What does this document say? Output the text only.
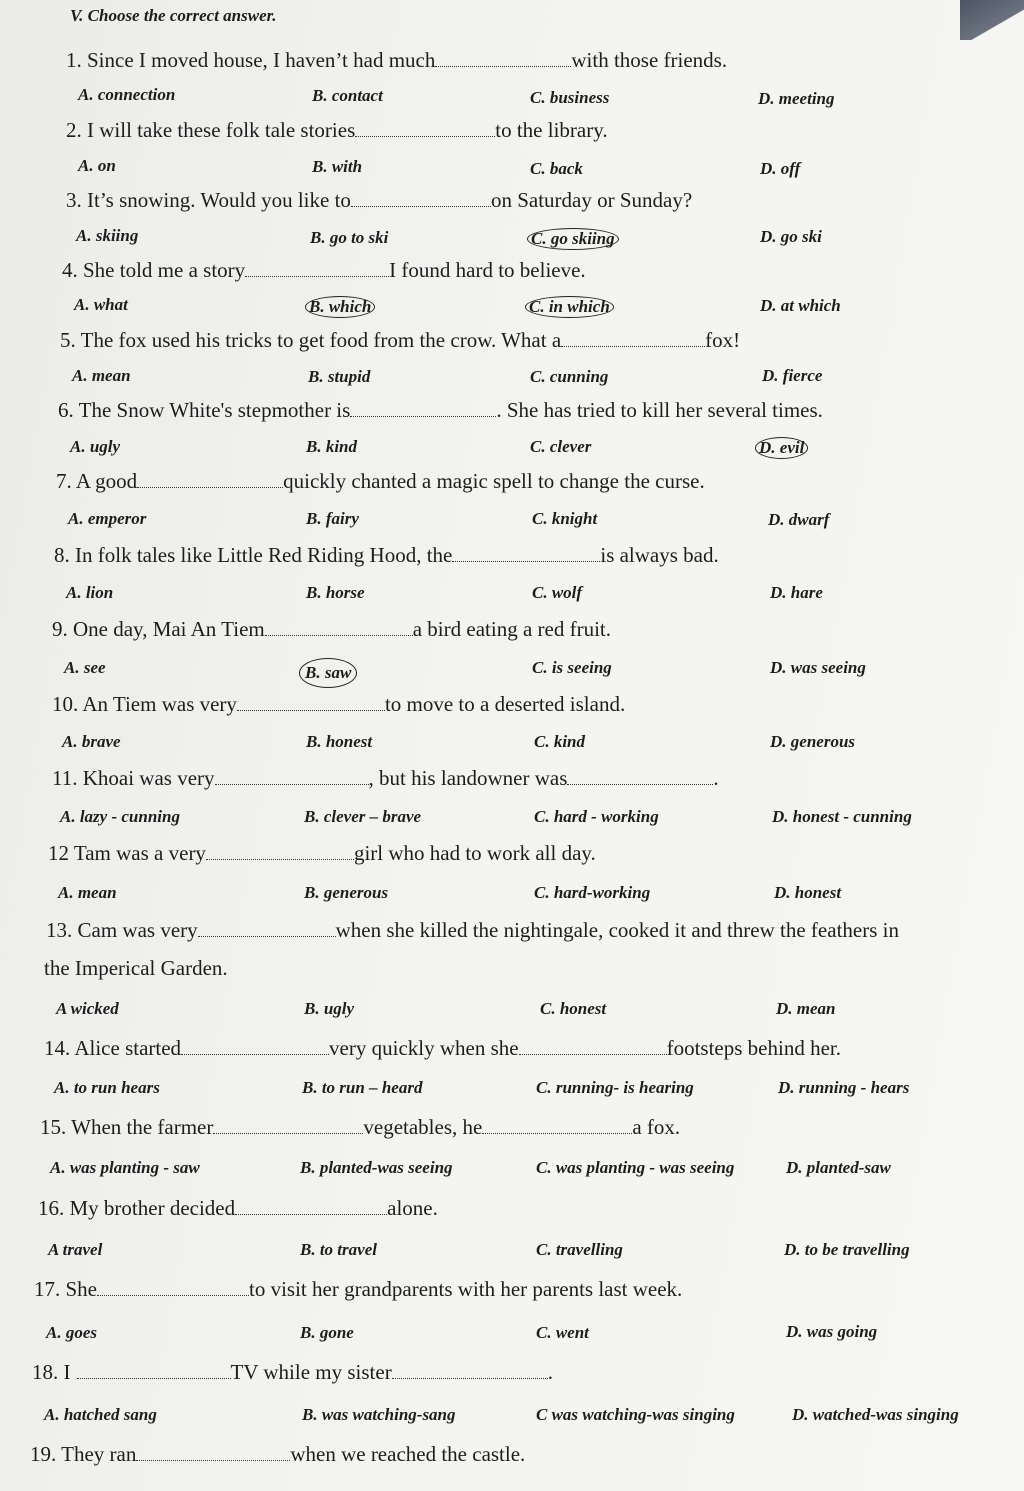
V. Choose the correct answer.
1. Since I moved house, I haven’t had much	with those friends.
A. connection	B. contact	C. business	D. meeting
2. I will take these folk tale stories	to the library.
A. on	B. with	C. back	D. off
3. It’s snowing. Would you like to	on Saturday or Sunday?
A. skiing	B. go to ski	C. go skiing	D. go ski
4. She told me a story	I found hard to believe.
A. what	B. which	C. in which	D. at which
5. The fox used his tricks to get food from the crow. What a	fox!
A. mean	B. stupid	C. cunning	D. fierce
6. The Snow White's stepmother is	. She has tried to kill her several times.
A. ugly	B. kind	C. clever	D. evil
7. A good	quickly chanted a magic spell to change the curse.
A. emperor	B. fairy	C. knight	D. dwarf
8. In folk tales like Little Red Riding Hood, the	is always bad.
A. lion	B. horse	C. wolf	D. hare
9. One day, Mai An Tiem	a bird eating a red fruit.
A. see	B. saw	C. is seeing	D. was seeing
10. An Tiem was very	to move to a deserted island.
A. brave	B. honest	C. kind	D. generous
11. Khoai was very	, but his landowner was	.
A. lazy - cunning	B. clever – brave	C. hard - working	D. honest - cunning
12 Tam was a very	girl who had to work all day.
A. mean	B. generous	C. hard-working	D. honest
13. Cam was very	when she killed the nightingale, cooked it and threw the feathers in
the Imperical Garden.
A wicked	B. ugly	C. honest	D. mean
14. Alice started	very quickly when she	footsteps behind her.
A. to run hears	B. to run – heard	C. running- is hearing	D. running - hears
15. When the farmer	vegetables, he	a fox.
A. was planting - saw	B. planted-was seeing	C. was planting - was seeing	D. planted-saw
16. My brother decided	alone.
A travel	B. to travel	C. travelling	D. to be travelling
17. She	to visit her grandparents with her parents last week.
A. goes	B. gone	C. went	D. was going
18. I	TV while my sister	.
A. hatched sang	B. was watching-sang	C was watching-was singing	D. watched-was singing
19. They ran	when we reached the castle.
